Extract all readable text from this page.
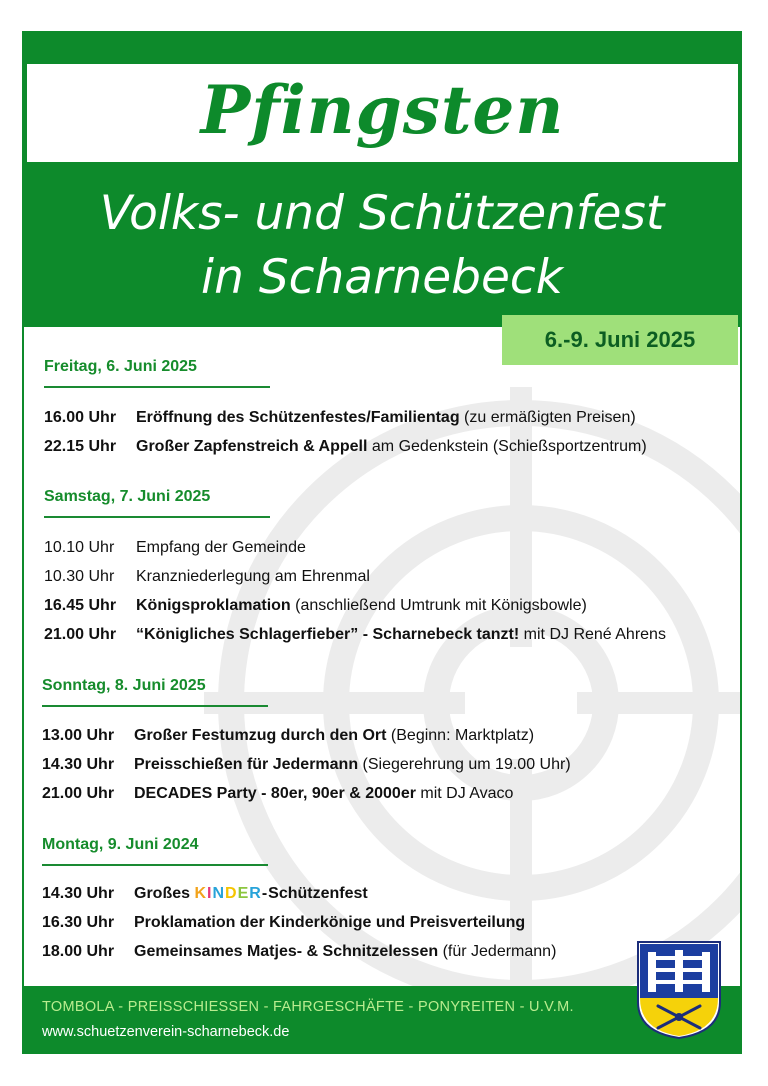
Pfingsten
Volks- und Schützenfest
in Scharnebeck
6.-9. Juni 2025
Freitag, 6. Juni 2025
16.00 Uhr Eröffnung des Schützenfestes/Familientag (zu ermäßigten Preisen)
22.15 Uhr Großer Zapfenstreich & Appell am Gedenkstein (Schießsportzentrum)
Samstag, 7. Juni 2025
10.10 Uhr Empfang der Gemeinde
10.30 Uhr Kranzniederlegung am Ehrenmal
16.45 Uhr Königsproklamation (anschließend Umtrunk mit Königsbowle)
21.00 Uhr “Königliches Schlagerfieber” - Scharnebeck tanzt! mit DJ René Ahrens
Sonntag, 8. Juni 2025
13.00 Uhr Großer Festumzug durch den Ort (Beginn: Marktplatz)
14.30 Uhr Preisschießen für Jedermann (Siegerehrung um 19.00 Uhr)
21.00 Uhr DECADES Party - 80er, 90er & 2000er mit DJ Avaco
Montag, 9. Juni 2024
14.30 Uhr Großes KINDER-Schützenfest
16.30 Uhr Proklamation der Kinderkönige und Preisverteilung
18.00 Uhr Gemeinsames Matjes- & Schnitzelessen (für Jedermann)
TOMBOLA - PREISSCHIESSEN - FAHRGESCHÄFTE - PONYREITEN - U.V.M.
www.schuetzenverein-scharnebeck.de
